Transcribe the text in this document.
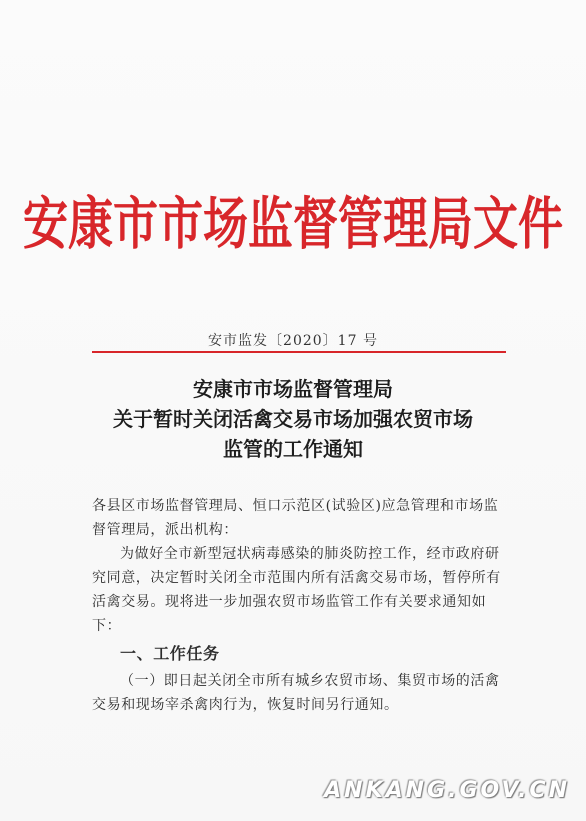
安康市市场监督管理局文件
安市监发〔2020〕17 号
安康市市场监督管理局
关于暂时关闭活禽交易市场加强农贸市场
监管的工作通知

各县区市场监督管理局、恒口示范区(试验区)应急管理和市场监督管理局，派出机构：

为做好全市新型冠状病毒感染的肺炎防控工作，经市政府研究同意，决定暂时关闭全市范围内所有活禽交易市场，暂停所有活禽交易。现将进一步加强农贸市场监管工作有关要求通知如下：

一、工作任务

（一）即日起关闭全市所有城乡农贸市场、集贸市场的活禽交易和现场宰杀禽肉行为，恢复时间另行通知。

ANKANG.GOV.CN
